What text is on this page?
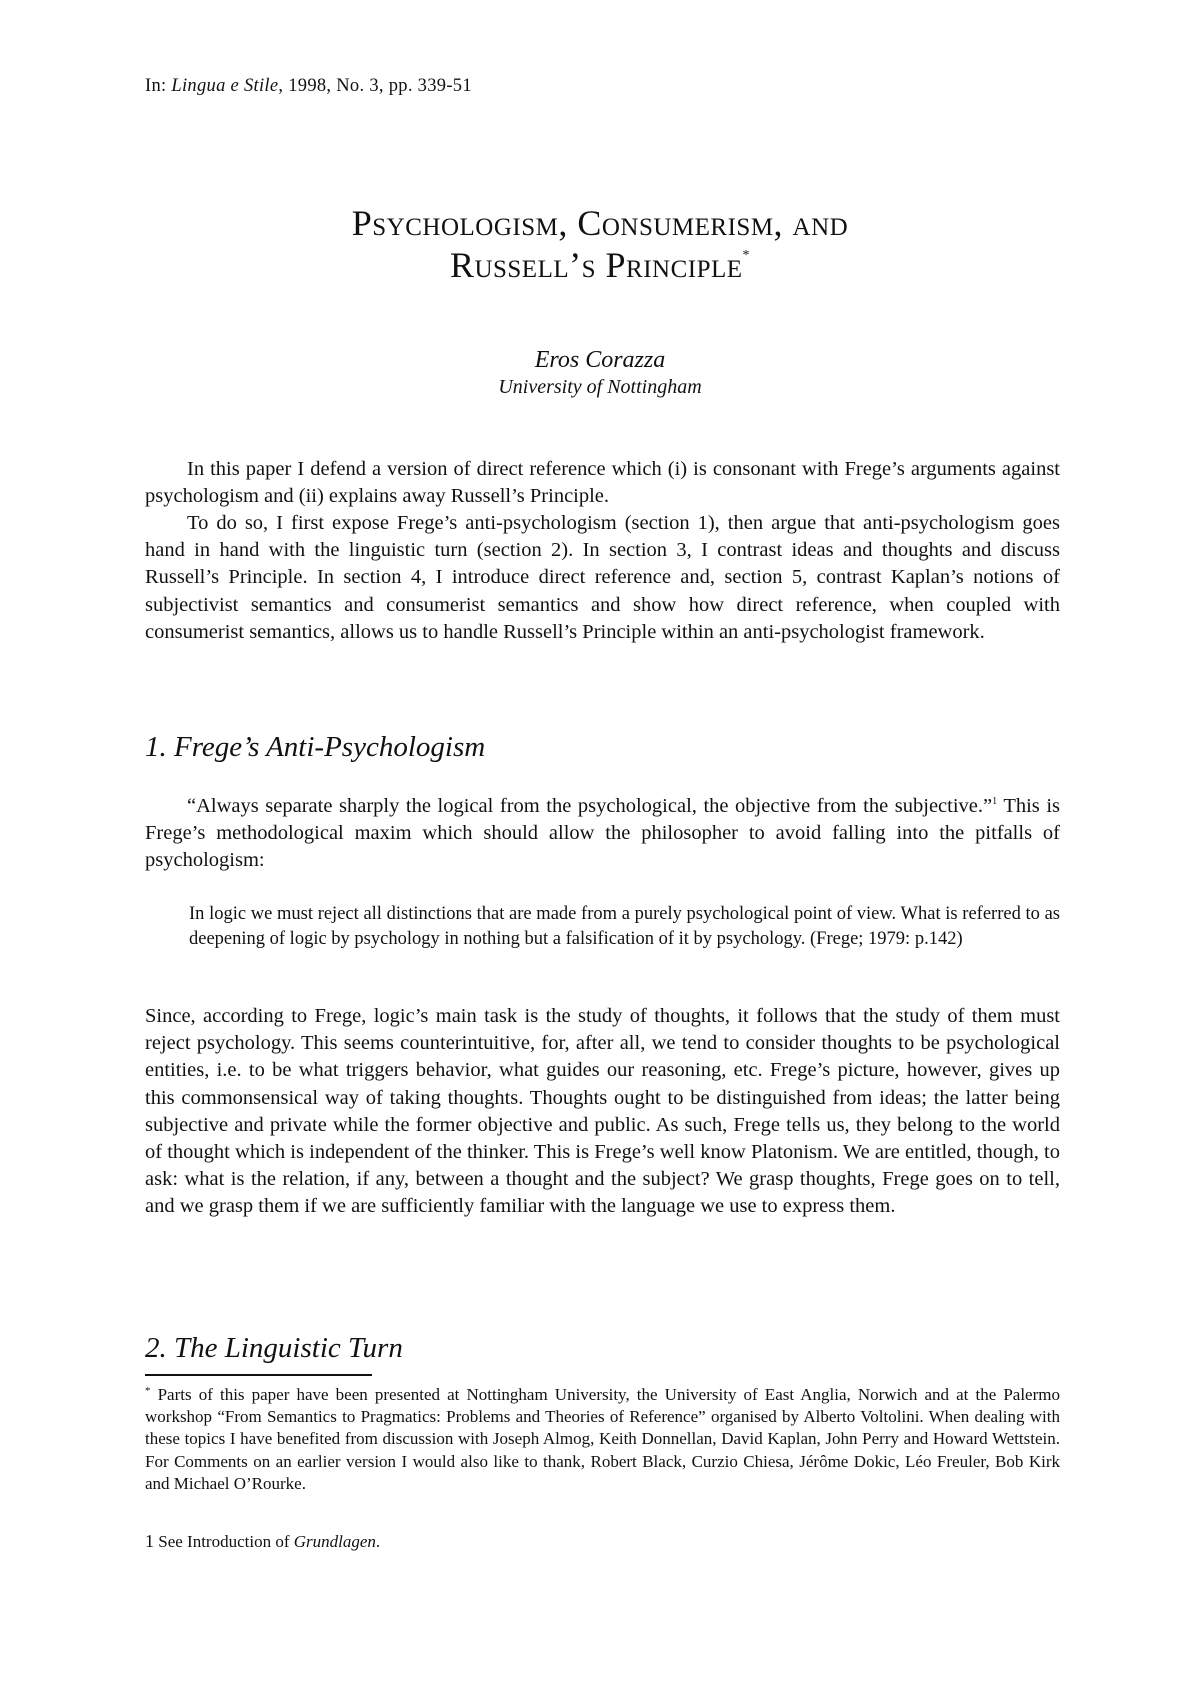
In: Lingua e Stile, 1998, No. 3, pp. 339-51
Psychologism, Consumerism, and
Russell’s Principle*
Eros Corazza
University of Nottingham

In this paper I defend a version of direct reference which (i) is consonant with Frege’s arguments against psychologism and (ii) explains away Russell’s Principle.

To do so, I first expose Frege’s anti-psychologism (section 1), then argue that anti-psychologism goes hand in hand with the linguistic turn (section 2). In section 3, I contrast ideas and thoughts and discuss Russell’s Principle. In section 4, I introduce direct reference and, section 5, contrast Kaplan’s notions of subjectivist semantics and consumerist semantics and show how direct reference, when coupled with consumerist semantics, allows us to handle Russell’s Principle within an anti-psychologist framework.

1. Frege’s Anti-Psychologism

“Always separate sharply the logical from the psychological, the objective from the subjective.”$^1$ This is Frege’s methodological maxim which should allow the philosopher to avoid falling into the pitfalls of psychologism:

In logic we must reject all distinctions that are made from a purely psychological point of view. What is referred to as deepening of logic by psychology in nothing but a falsification of it by psychology. (Frege; 1979: p.142)

Since, according to Frege, logic’s main task is the study of thoughts, it follows that the study of them must reject psychology. This seems counterintuitive, for, after all, we tend to consider thoughts to be psychological entities, i.e. to be what triggers behavior, what guides our reasoning, etc. Frege’s picture, however, gives up this commonsensical way of taking thoughts. Thoughts ought to be distinguished from ideas; the latter being subjective and private while the former objective and public. As such, Frege tells us, they belong to the world of thought which is independent of the thinker. This is Frege’s well know Platonism. We are entitled, though, to ask: what is the relation, if any, between a thought and the subject? We grasp thoughts, Frege goes on to tell, and we grasp them if we are sufficiently familiar with the language we use to express them.

2. The Linguistic Turn

* Parts of this paper have been presented at Nottingham University, the University of East Anglia, Norwich and at the Palermo workshop “From Semantics to Pragmatics: Problems and Theories of Reference” organised by Alberto Voltolini. When dealing with these topics I have benefited from discussion with Joseph Almog, Keith Donnellan, David Kaplan, John Perry and Howard Wettstein. For Comments on an earlier version I would also like to thank, Robert Black, Curzio Chiesa, Jérôme Dokic, Léo Freuler, Bob Kirk and Michael O’Rourke.

1 See Introduction of Grundlagen.
